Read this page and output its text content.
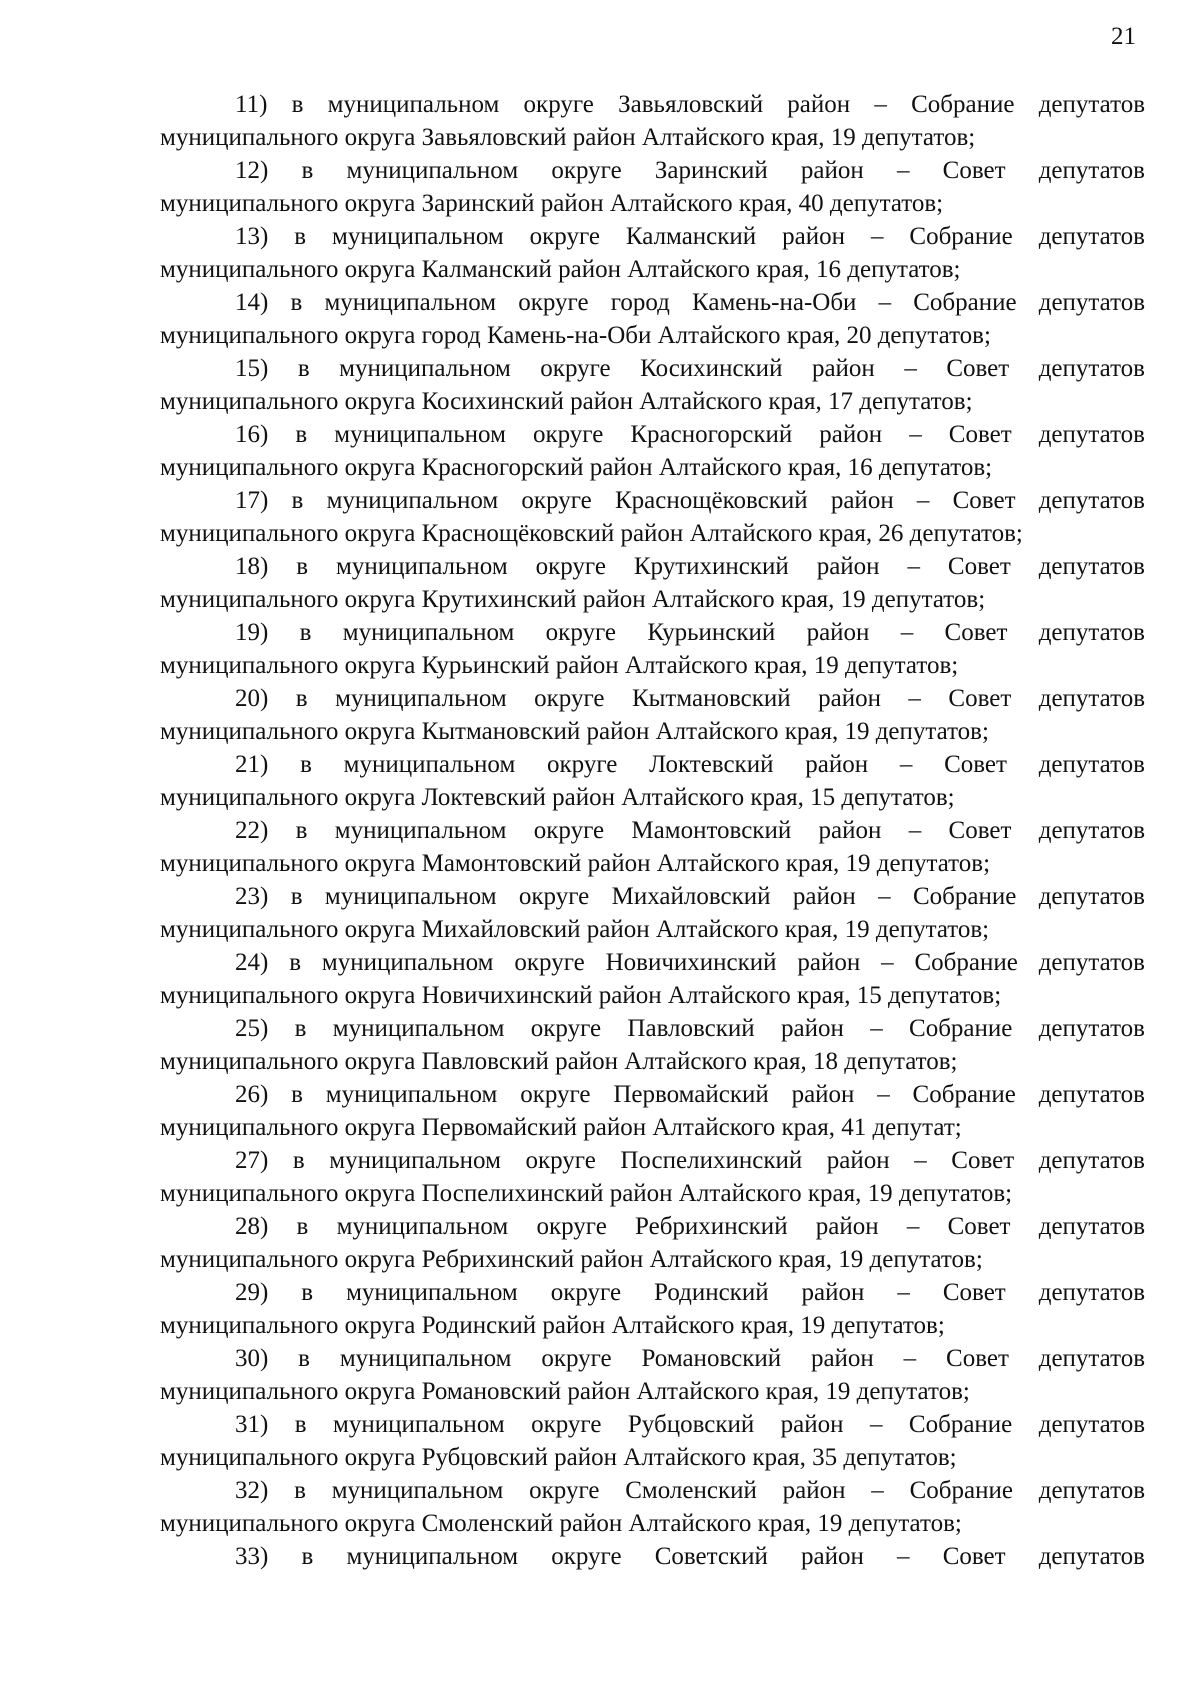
21
11) в муниципальном округе Завьяловский район – Собрание депутатов
муниципального округа Завьяловский район Алтайского края, 19 депутатов;
12) в муниципальном округе Заринский район – Совет депутатов
муниципального округа Заринский район Алтайского края, 40 депутатов;
13) в муниципальном округе Калманский район – Собрание депутатов
муниципального округа Калманский район Алтайского края, 16 депутатов;
14) в муниципальном округе город Камень-на-Оби – Собрание депутатов
муниципального округа город Камень-на-Оби Алтайского края, 20 депутатов;
15) в муниципальном округе Косихинский район – Совет депутатов
муниципального округа Косихинский район Алтайского края, 17 депутатов;
16) в муниципальном округе Красногорский район – Совет депутатов
муниципального округа Красногорский район Алтайского края, 16 депутатов;
17) в муниципальном округе Краснощёковский район – Совет депутатов
муниципального округа Краснощёковский район Алтайского края, 26 депутатов;
18) в муниципальном округе Крутихинский район – Совет депутатов
муниципального округа Крутихинский район Алтайского края, 19 депутатов;
19) в муниципальном округе Курьинский район – Совет депутатов
муниципального округа Курьинский район Алтайского края, 19 депутатов;
20) в муниципальном округе Кытмановский район – Совет депутатов
муниципального округа Кытмановский район Алтайского края, 19 депутатов;
21) в муниципальном округе Локтевский район – Совет депутатов
муниципального округа Локтевский район Алтайского края, 15 депутатов;
22) в муниципальном округе Мамонтовский район – Совет депутатов
муниципального округа Мамонтовский район Алтайского края, 19 депутатов;
23) в муниципальном округе Михайловский район – Собрание депутатов
муниципального округа Михайловский район Алтайского края, 19 депутатов;
24) в муниципальном округе Новичихинский район – Собрание депутатов
муниципального округа Новичихинский район Алтайского края, 15 депутатов;
25) в муниципальном округе Павловский район – Собрание депутатов
муниципального округа Павловский район Алтайского края, 18 депутатов;
26) в муниципальном округе Первомайский район – Собрание депутатов
муниципального округа Первомайский район Алтайского края, 41 депутат;
27) в муниципальном округе Поспелихинский район – Совет депутатов
муниципального округа Поспелихинский район Алтайского края, 19 депутатов;
28) в муниципальном округе Ребрихинский район – Совет депутатов
муниципального округа Ребрихинский район Алтайского края, 19 депутатов;
29) в муниципальном округе Родинский район – Совет депутатов
муниципального округа Родинский район Алтайского края, 19 депутатов;
30) в муниципальном округе Романовский район – Совет депутатов
муниципального округа Романовский район Алтайского края, 19 депутатов;
31) в муниципальном округе Рубцовский район – Собрание депутатов
муниципального округа Рубцовский район Алтайского края, 35 депутатов;
32) в муниципальном округе Смоленский район – Собрание депутатов
муниципального округа Смоленский район Алтайского края, 19 депутатов;
33) в муниципальном округе Советский район – Совет депутатов
